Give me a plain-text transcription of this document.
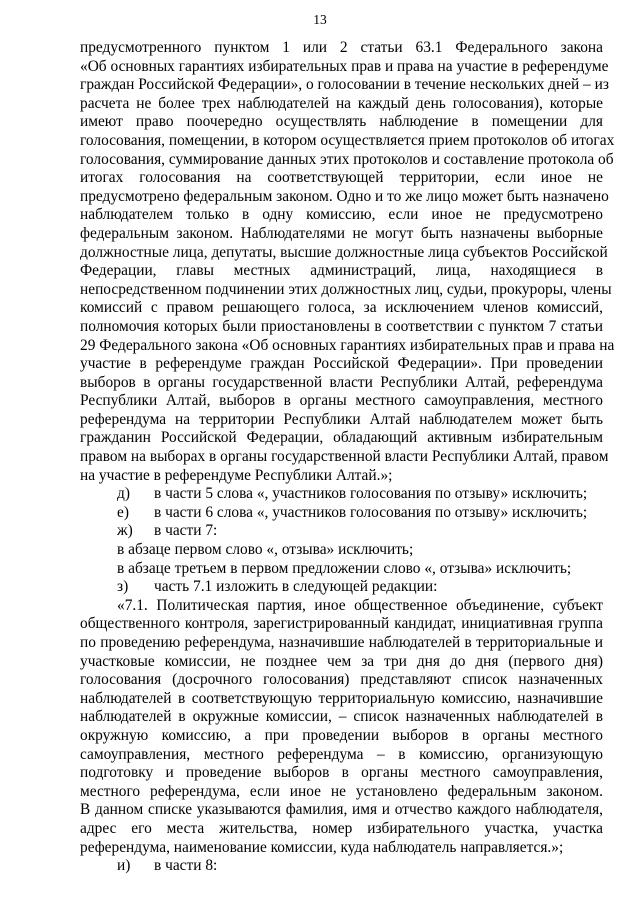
13
предусмотренного пунктом 1 или 2 статьи 63.1 Федерального закона
«Об основных гарантиях избирательных прав и права на участие в референдуме
граждан Российской Федерации», о голосовании в течение нескольких дней – из
расчета не более трех наблюдателей на каждый день голосования), которые
имеют право поочередно осуществлять наблюдение в помещении для
голосования, помещении, в котором осуществляется прием протоколов об итогах
голосования, суммирование данных этих протоколов и составление протокола об
итогах голосования на соответствующей территории, если иное не
предусмотрено федеральным законом. Одно и то же лицо может быть назначено
наблюдателем только в одну комиссию, если иное не предусмотрено
федеральным законом. Наблюдателями не могут быть назначены выборные
должностные лица, депутаты, высшие должностные лица субъектов Российской
Федерации, главы местных администраций, лица, находящиеся в
непосредственном подчинении этих должностных лиц, судьи, прокуроры, члены
комиссий с правом решающего голоса, за исключением членов комиссий,
полномочия которых были приостановлены в соответствии с пунктом 7 статьи
29 Федерального закона «Об основных гарантиях избирательных прав и права на
участие в референдуме граждан Российской Федерации». При проведении
выборов в органы государственной власти Республики Алтай, референдума
Республики Алтай, выборов в органы местного самоуправления, местного
референдума на территории Республики Алтай наблюдателем может быть
гражданин Российской Федерации, обладающий активным избирательным
правом на выборах в органы государственной власти Республики Алтай, правом
на участие в референдуме Республики Алтай.»;
д) в части 5 слова «, участников голосования по отзыву» исключить;
е) в части 6 слова «, участников голосования по отзыву» исключить;
ж) в части 7:
в абзаце первом слово «, отзыва» исключить;
в абзаце третьем в первом предложении слово «, отзыва» исключить;
з) часть 7.1 изложить в следующей редакции:
«7.1. Политическая партия, иное общественное объединение, субъект
общественного контроля, зарегистрированный кандидат, инициативная группа
по проведению референдума, назначившие наблюдателей в территориальные и
участковые комиссии, не позднее чем за три дня до дня (первого дня)
голосования (досрочного голосования) представляют список назначенных
наблюдателей в соответствующую территориальную комиссию, назначившие
наблюдателей в окружные комиссии, – список назначенных наблюдателей в
окружную комиссию, а при проведении выборов в органы местного
самоуправления, местного референдума – в комиссию, организующую
подготовку и проведение выборов в органы местного самоуправления,
местного референдума, если иное не установлено федеральным законом.
В данном списке указываются фамилия, имя и отчество каждого наблюдателя,
адрес его места жительства, номер избирательного участка, участка
референдума, наименование комиссии, куда наблюдатель направляется.»;
и) в части 8:
